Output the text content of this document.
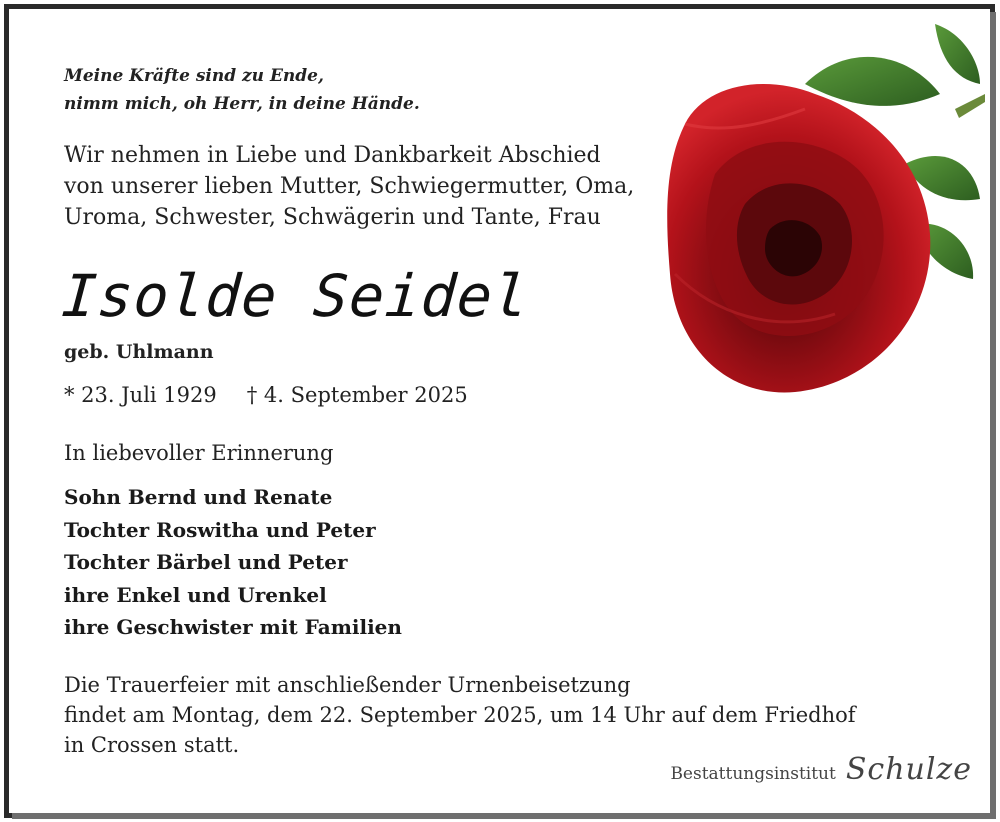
Meine Kräfte sind zu Ende,
nimm mich, oh Herr, in deine Hände.
Wir nehmen in Liebe und Dankbarkeit Abschied
von unserer lieben Mutter, Schwiegermutter, Oma,
Uroma, Schwester, Schwägerin und Tante, Frau
Isolde Seidel
geb. Uhlmann
* 23. Juli 1929 † 4. September 2025
In liebevoller Erinnerung
Sohn Bernd und Renate
Tochter Roswitha und Peter
Tochter Bärbel und Peter
ihre Enkel und Urenkel
ihre Geschwister mit Familien
Die Trauerfeier mit anschließender Urnenbeisetzung
findet am Montag, dem 22. September 2025, um 14 Uhr auf dem Friedhof
in Crossen statt.
Bestattungsinstitut Schulze
